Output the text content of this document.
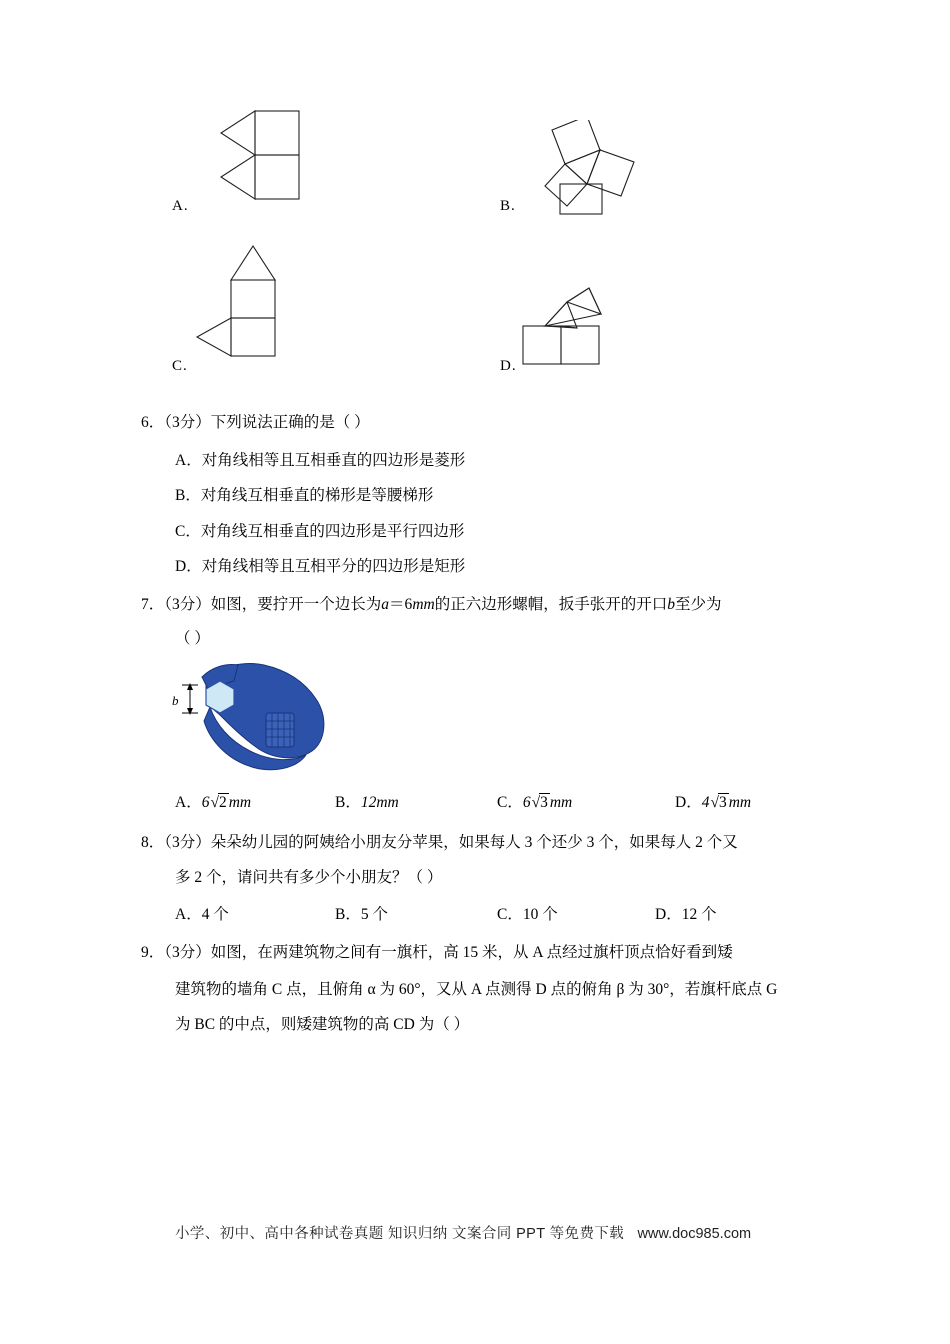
A.	B.
C.	D.
6．（3分）下列说法正确的是（ ）
A．对角线相等且互相垂直的四边形是菱形
B．对角线互相垂直的梯形是等腰梯形
C．对角线互相垂直的四边形是平行四边形
D．对角线相等且互相平分的四边形是矩形
7．（3分）如图，要拧开一个边长为a＝6mm的正六边形螺帽，扳手张开的开口b至少为
（ ）
b
A．6√2 mm	B．12mm	C．6√3 mm	D．4√3 mm
8．（3分）朵朵幼儿园的阿姨给小朋友分苹果，如果每人 3 个还少 3 个，如果每人 2 个又
多 2 个，请问共有多少个小朋友？（ ）
A．4 个	B．5 个	C．10 个	D．12 个
9．（3分）如图，在两建筑物之间有一旗杆，高 15 米，从 A 点经过旗杆顶点恰好看到矮
建筑物的墙角 C 点，且俯角 α 为 60°，又从 A 点测得 D 点的俯角 β 为 30°，若旗杆底点 G
为 BC 的中点，则矮建筑物的高 CD 为（ ）
小学、初中、高中各种试卷真题 知识归纳 文案合同 PPT 等免费下载 www.doc985.com
